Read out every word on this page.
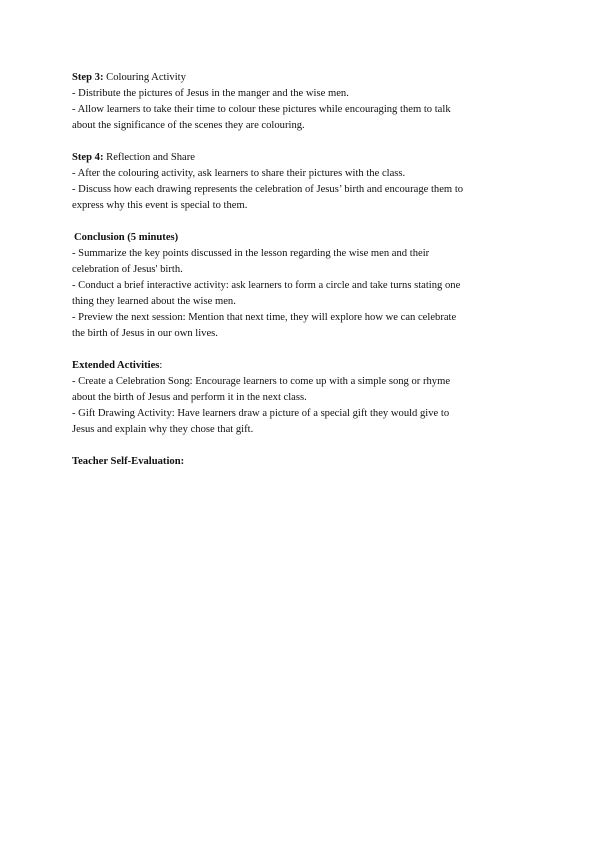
Step 3: Colouring Activity
- Distribute the pictures of Jesus in the manger and the wise men.
- Allow learners to take their time to colour these pictures while encouraging them to talk
about the significance of the scenes they are colouring.
Step 4: Reflection and Share
- After the colouring activity, ask learners to share their pictures with the class.
- Discuss how each drawing represents the celebration of Jesus’ birth and encourage them to
express why this event is special to them.
Conclusion (5 minutes)
- Summarize the key points discussed in the lesson regarding the wise men and their
celebration of Jesus' birth.
- Conduct a brief interactive activity: ask learners to form a circle and take turns stating one
thing they learned about the wise men.
- Preview the next session: Mention that next time, they will explore how we can celebrate
the birth of Jesus in our own lives.
Extended Activities:
- Create a Celebration Song: Encourage learners to come up with a simple song or rhyme
about the birth of Jesus and perform it in the next class.
- Gift Drawing Activity: Have learners draw a picture of a special gift they would give to
Jesus and explain why they chose that gift.
Teacher Self-Evaluation:
